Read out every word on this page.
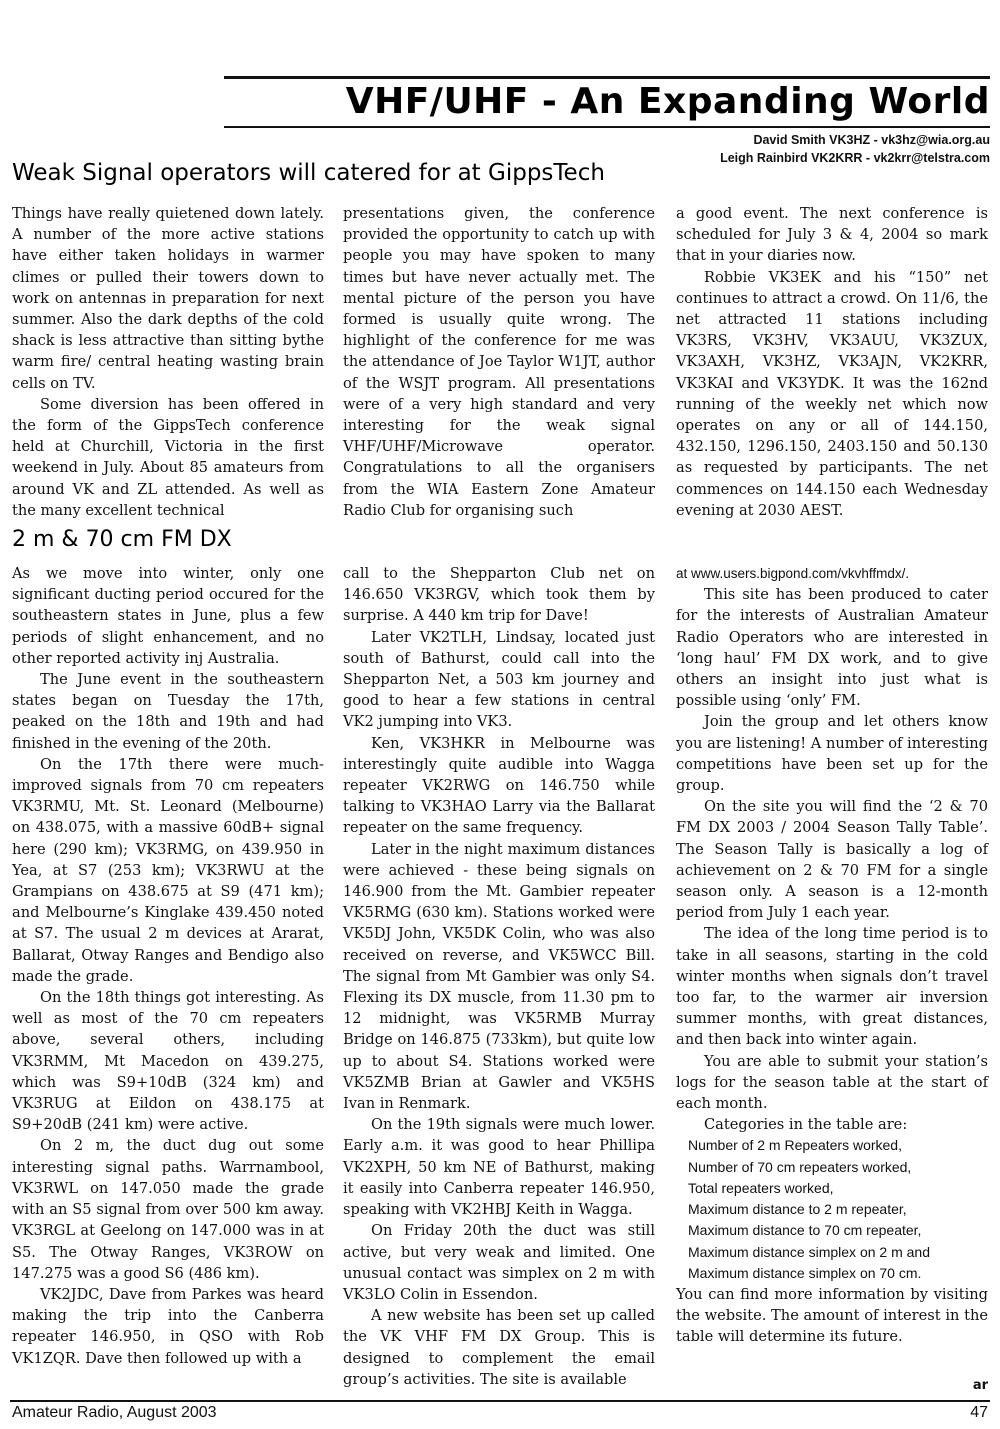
VHF/UHF - An Expanding World
David Smith VK3HZ - vk3hz@wia.org.au
Leigh Rainbird VK2KRR - vk2krr@telstra.com
Weak Signal operators will catered for at GippsTech

Things have really quietened down lately. A number of the more active stations have either taken holidays in warmer climes or pulled their towers down to work on antennas in preparation for next summer. Also the dark depths of the cold shack is less attractive than sitting bythe warm fire/ central heating wasting brain cells on TV.

Some diversion has been offered in the form of the GippsTech conference held at Churchill, Victoria in the first weekend in July. About 85 amateurs from around VK and ZL attended. As well as the many excellent technical

presentations given, the conference provided the opportunity to catch up with people you may have spoken to many times but have never actually met. The mental picture of the person you have formed is usually quite wrong. The highlight of the conference for me was the attendance of Joe Taylor W1JT, author of the WSJT program. All presentations were of a very high standard and very interesting for the weak signal VHF/UHF/Microwave operator. Congratulations to all the organisers from the WIA Eastern Zone Amateur Radio Club for organising such

a good event. The next conference is scheduled for July 3 & 4, 2004 so mark that in your diaries now.

Robbie VK3EK and his “150” net continues to attract a crowd. On 11/6, the net attracted 11 stations including VK3RS, VK3HV, VK3AUU, VK3ZUX, VK3AXH, VK3HZ, VK3AJN, VK2KRR, VK3KAI and VK3YDK. It was the 162nd running of the weekly net which now operates on any or all of 144.150, 432.150, 1296.150, 2403.150 and 50.130 as requested by participants. The net commences on 144.150 each Wednesday evening at 2030 AEST.

2 m & 70 cm FM DX

As we move into winter, only one significant ducting period occured for the southeastern states in June, plus a few periods of slight enhancement, and no other reported activity inj Australia.

The June event in the southeastern states began on Tuesday the 17th, peaked on the 18th and 19th and had finished in the evening of the 20th.

On the 17th there were much-improved signals from 70 cm repeaters VK3RMU, Mt. St. Leonard (Melbourne) on 438.075, with a massive 60dB+ signal here (290 km); VK3RMG, on 439.950 in Yea, at S7 (253 km); VK3RWU at the Grampians on 438.675 at S9 (471 km); and Melbourne’s Kinglake 439.450 noted at S7. The usual 2 m devices at Ararat, Ballarat, Otway Ranges and Bendigo also made the grade.

On the 18th things got interesting. As well as most of the 70 cm repeaters above, several others, including VK3RMM, Mt Macedon on 439.275, which was S9+10dB (324 km) and VK3RUG at Eildon on 438.175 at S9+20dB (241 km) were active.

On 2 m, the duct dug out some interesting signal paths. Warrnambool, VK3RWL on 147.050 made the grade with an S5 signal from over 500 km away. VK3RGL at Geelong on 147.000 was in at S5. The Otway Ranges, VK3ROW on 147.275 was a good S6 (486 km).

VK2JDC, Dave from Parkes was heard making the trip into the Canberra repeater 146.950, in QSO with Rob VK1ZQR. Dave then followed up with a

call to the Shepparton Club net on 146.650 VK3RGV, which took them by surprise. A 440 km trip for Dave!

Later VK2TLH, Lindsay, located just south of Bathurst, could call into the Shepparton Net, a 503 km journey and good to hear a few stations in central VK2 jumping into VK3.

Ken, VK3HKR in Melbourne was interestingly quite audible into Wagga repeater VK2RWG on 146.750 while talking to VK3HAO Larry via the Ballarat repeater on the same frequency.

Later in the night maximum distances were achieved - these being signals on 146.900 from the Mt. Gambier repeater VK5RMG (630 km). Stations worked were VK5DJ John, VK5DK Colin, who was also received on reverse, and VK5WCC Bill. The signal from Mt Gambier was only S4. Flexing its DX muscle, from 11.30 pm to 12 midnight, was VK5RMB Murray Bridge on 146.875 (733km), but quite low up to about S4. Stations worked were VK5ZMB Brian at Gawler and VK5HS Ivan in Renmark.

On the 19th signals were much lower. Early a.m. it was good to hear Phillipa VK2XPH, 50 km NE of Bathurst, making it easily into Canberra repeater 146.950, speaking with VK2HBJ Keith in Wagga.

On Friday 20th the duct was still active, but very weak and limited. One unusual contact was simplex on 2 m with VK3LO Colin in Essendon.

A new website has been set up called the VK VHF FM DX Group. This is designed to complement the email group’s activities. The site is available

at www.users.bigpond.com/vkvhffmdx/.

This site has been produced to cater for the interests of Australian Amateur Radio Operators who are interested in ‘long haul’ FM DX work, and to give others an insight into just what is possible using ‘only’ FM.

Join the group and let others know you are listening! A number of interesting competitions have been set up for the group.

On the site you will find the ‘2 & 70 FM DX 2003 / 2004 Season Tally Table’. The Season Tally is basically a log of achievement on 2 & 70 FM for a single season only. A season is a 12-month period from July 1 each year.

The idea of the long time period is to take in all seasons, starting in the cold winter months when signals don’t travel too far, to the warmer air inversion summer months, with great distances, and then back into winter again.

You are able to submit your station’s logs for the season table at the start of each month.

Categories in the table are:

Number of 2 m Repeaters worked,
Number of 70 cm repeaters worked,
Total repeaters worked,
Maximum distance to 2 m repeater,
Maximum distance to 70 cm repeater,
Maximum distance simplex on 2 m and
Maximum distance simplex on 70 cm.

You can find more information by visiting the website. The amount of interest in the table will determine its future.

ar
Amateur Radio, August 2003	47
